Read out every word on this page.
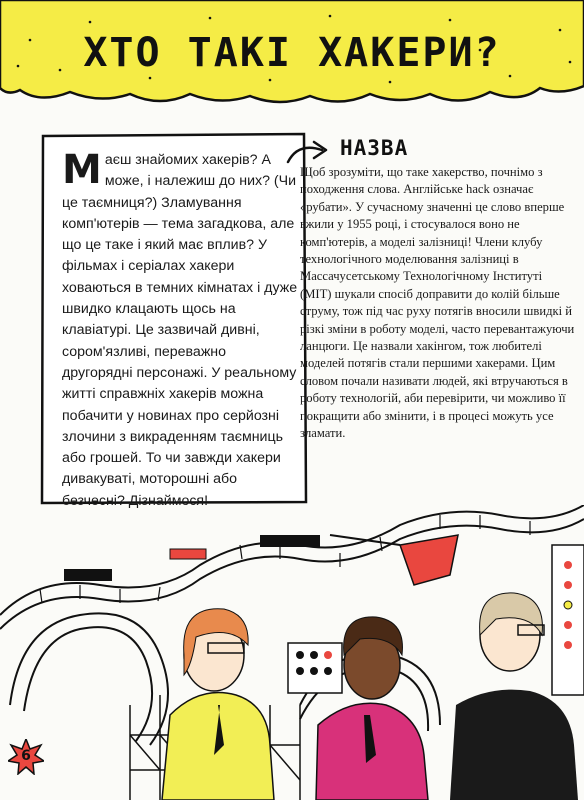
ХТО ТАКІ ХАКЕРИ?
Маєш знайомих хакерів? А може, і належиш до них? (Чи це таємниця?) Зламування комп'ютерів — тема загадкова, але що це таке і який має вплив? У фільмах і серіалах хакери ховаються в темних кімнатах і дуже швидко клацають щось на клавіатурі. Це зазвичай дивні, сором'язливі, переважно другорядні персонажі. У реальному житті справжніх хакерів можна побачити у новинах про серйозні злочини з викраденням таємниць або грошей. То чи завжди хакери дивакуваті, моторошні або безчесні? Дізнаймося!
НАЗВА
Щоб зрозуміти, що таке хакерство, почнімо з походження слова. Англійське hack означає «рубати». У сучасному значенні це слово вперше вжили у 1955 році, і стосувалося воно не комп'ютерів, а моделі залізниці! Члени клубу технологічного моделювання залізниці в Массачусетському Технологічному Інституті (MIT) шукали спосіб доправити до колій більше струму, тож під час руху потягів вносили швидкі й різкі зміни в роботу моделі, часто перевантажуючи ланцюги. Це назвали хакінгом, тож любителі моделей потягів стали першими хакерами. Цим словом почали називати людей, які втручаються в роботу технологій, аби перевірити, чи можливо її покращити або змінити, і в процесі можуть усе зламати.
6
